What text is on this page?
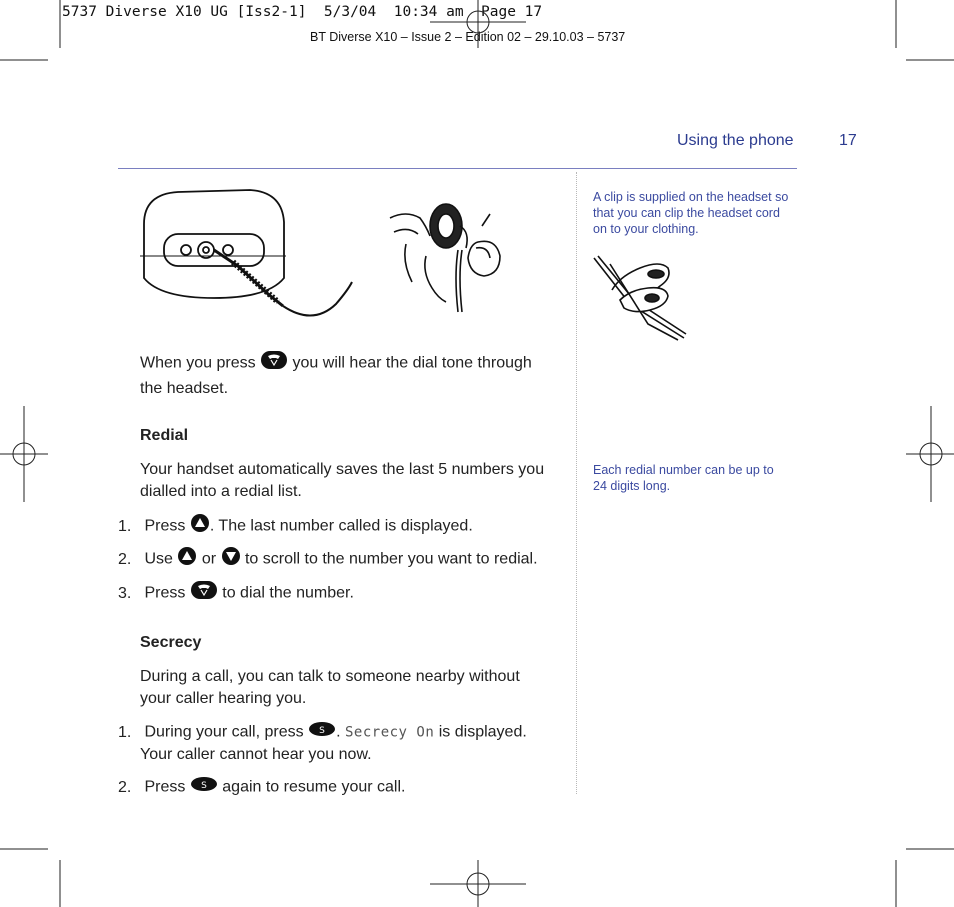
5737 Diverse X10 UG [Iss2-1]  5/3/04  10:34 am  Page 17
BT Diverse X10 – Issue 2 – Edition 02 – 29.10.03 – 5737
Using the phone	17
When you press you will hear the dial tone through
the headset.
Redial
Your handset automatically saves the last 5 numbers you
dialled into a redial list.
1. Press . The last number called is displayed.
2. Use or to scroll to the number you want to redial.
3. Press to dial the number.
Secrecy
During a call, you can talk to someone nearby without
your caller hearing you.
1. During your call, press S . Secrecy On is displayed.
Your caller cannot hear you now.
2. Press S again to resume your call.
A clip is supplied on the headset so
that you can clip the headset cord
on to your clothing.
Each redial number can be up to
24 digits long.
